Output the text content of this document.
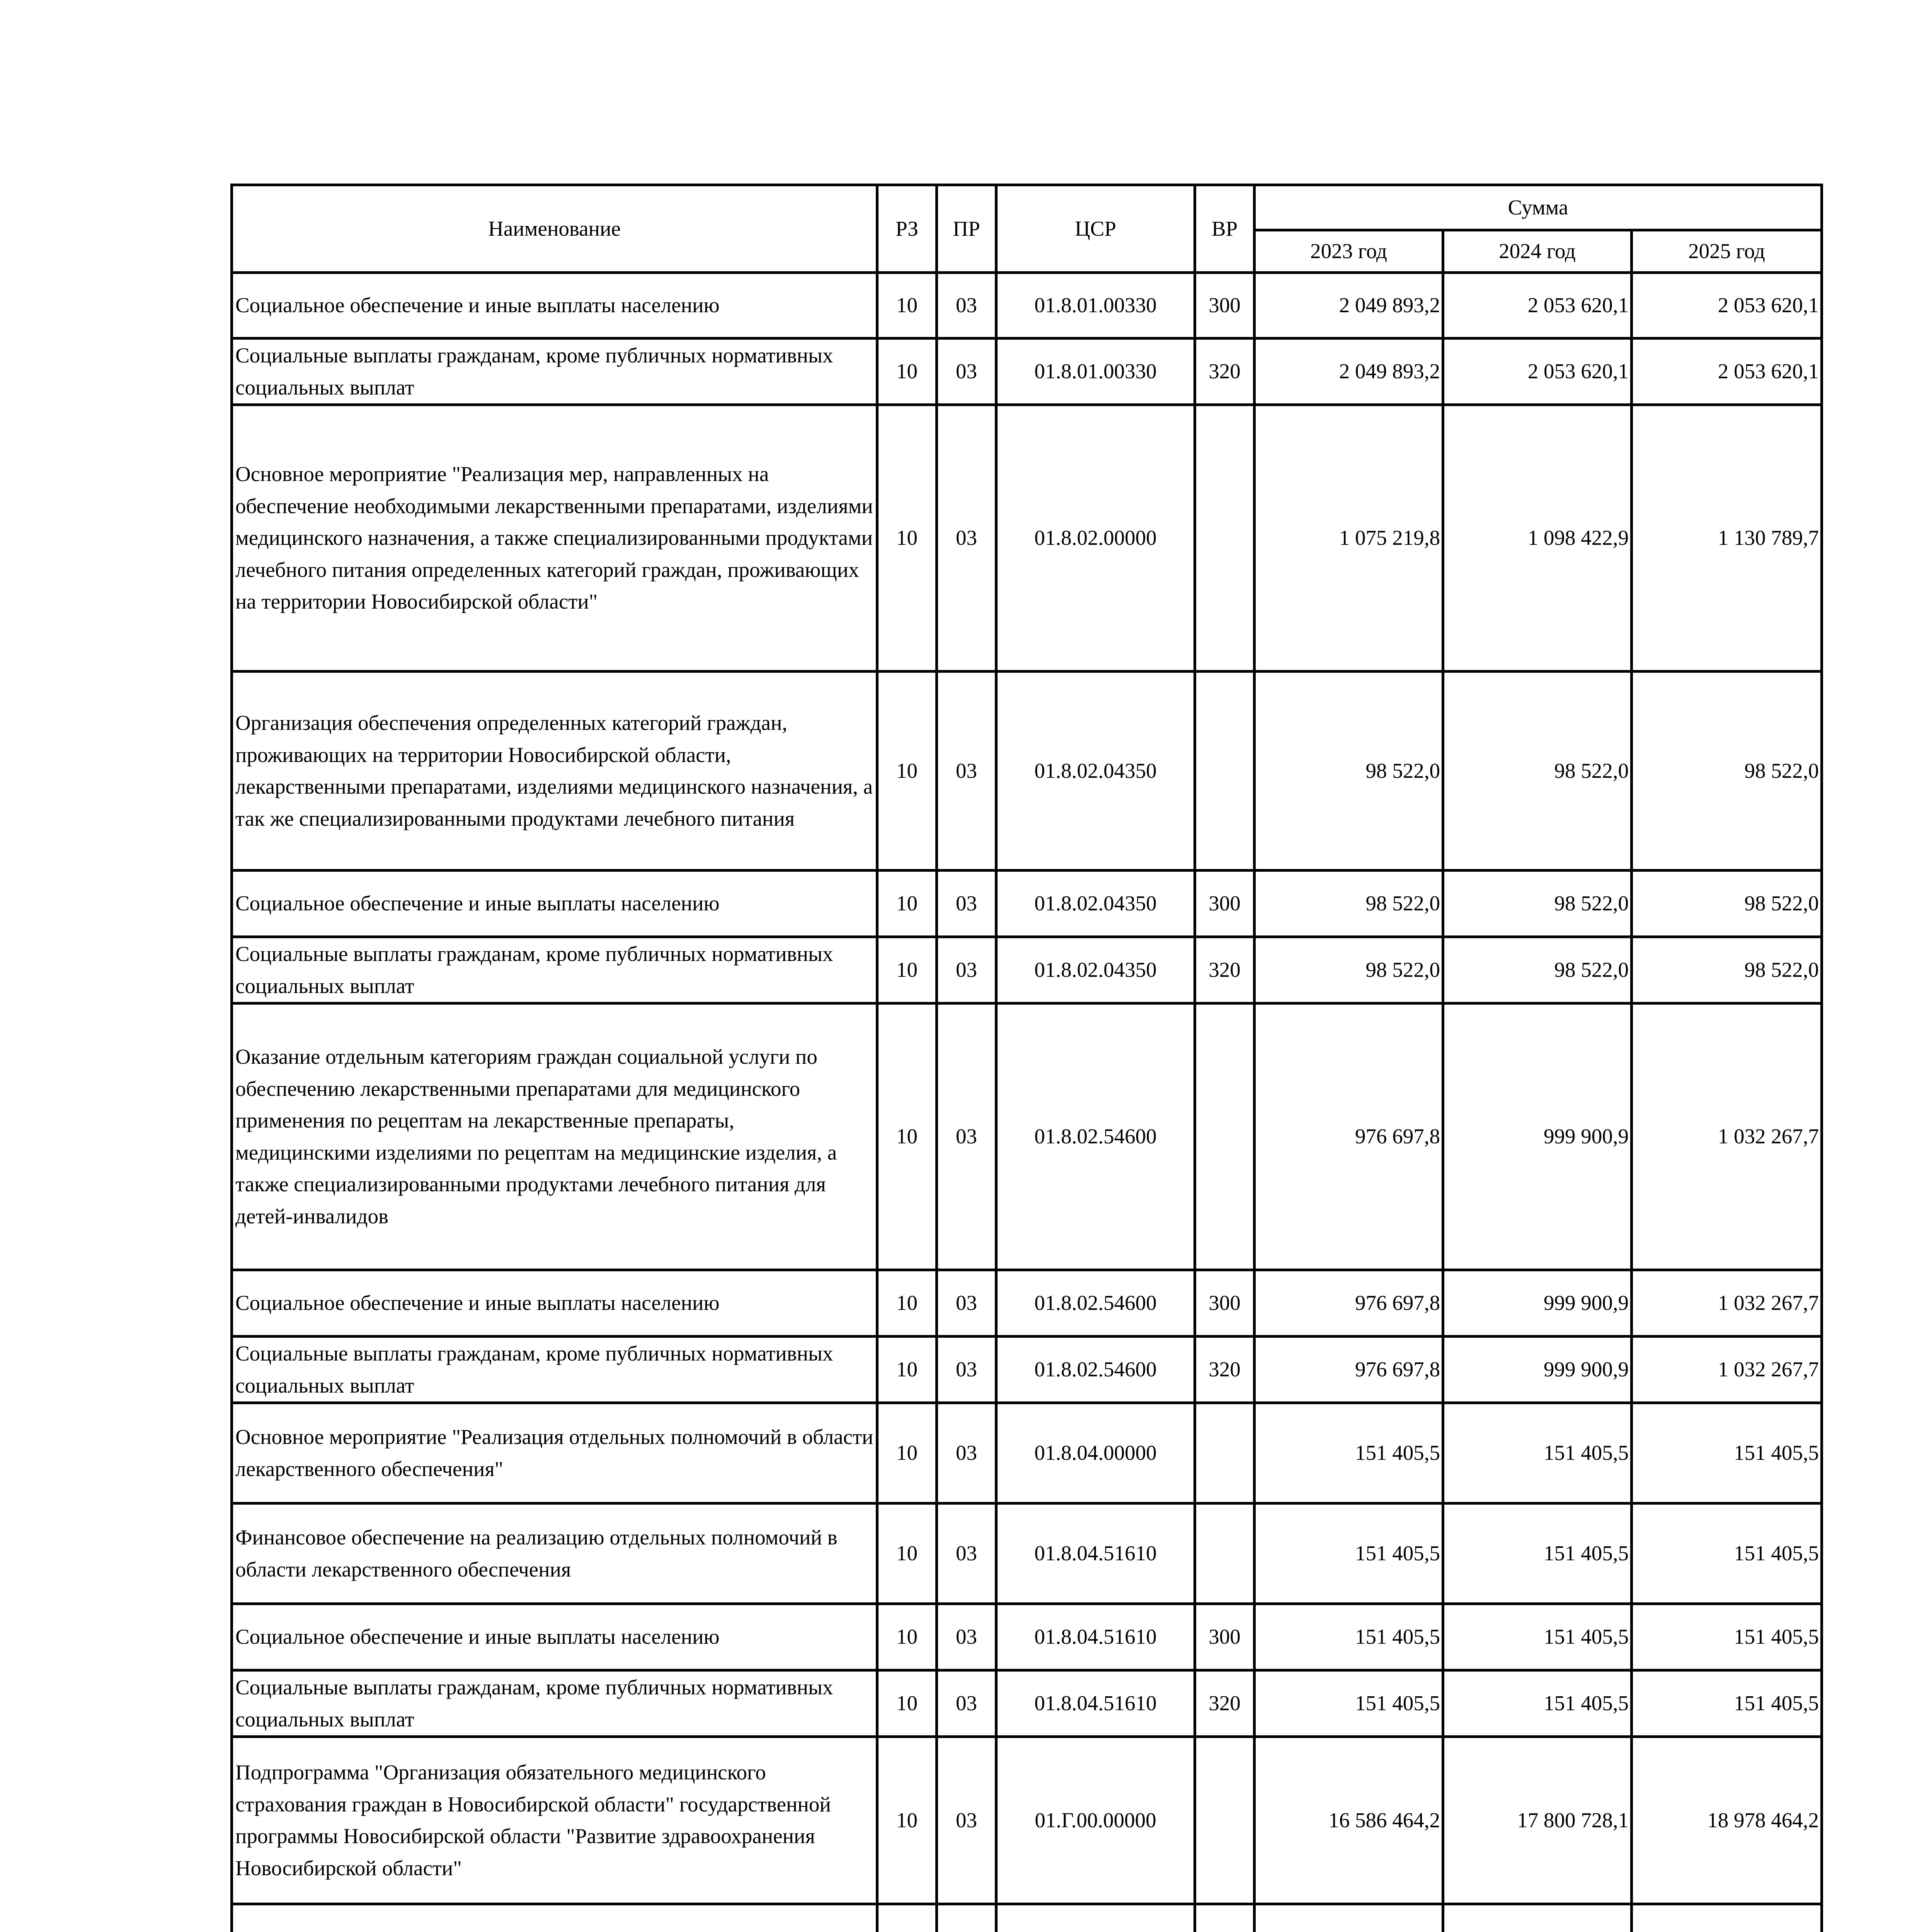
Наименование	РЗ	ПР	ЦСР	ВР	Сумма		
					2023 год	2024 год	2025 год
Социальное обеспечение и иные выплаты населению	10	03	01.8.01.00330	300	2 049 893,2	2 053 620,1	2 053 620,1
Социальные выплаты гражданам, кроме публичных нормативных социальных выплат	10	03	01.8.01.00330	320	2 049 893,2	2 053 620,1	2 053 620,1
Основное мероприятие "Реализация мер, направленных на обеспечение необходимыми лекарственными препаратами, изделиями медицинского назначения, а также специализированными продуктами лечебного питания определенных категорий граждан, проживающих на территории Новосибирской области"	10	03	01.8.02.00000		1 075 219,8	1 098 422,9	1 130 789,7
Организация обеспечения определенных категорий граждан, проживающих на территории Новосибирской области, лекарственными препаратами, изделиями медицинского назначения, а так же специализированными продуктами лечебного питания	10	03	01.8.02.04350		98 522,0	98 522,0	98 522,0
Социальное обеспечение и иные выплаты населению	10	03	01.8.02.04350	300	98 522,0	98 522,0	98 522,0
Социальные выплаты гражданам, кроме публичных нормативных социальных выплат	10	03	01.8.02.04350	320	98 522,0	98 522,0	98 522,0
Оказание отдельным категориям граждан социальной услуги по обеспечению лекарственными препаратами для медицинского применения по рецептам на лекарственные препараты, медицинскими изделиями по рецептам на медицинские изделия, а также специализированными продуктами лечебного питания для детей-инвалидов	10	03	01.8.02.54600		976 697,8	999 900,9	1 032 267,7
Социальное обеспечение и иные выплаты населению	10	03	01.8.02.54600	300	976 697,8	999 900,9	1 032 267,7
Социальные выплаты гражданам, кроме публичных нормативных социальных выплат	10	03	01.8.02.54600	320	976 697,8	999 900,9	1 032 267,7
Основное мероприятие "Реализация отдельных полномочий в области лекарственного обеспечения"	10	03	01.8.04.00000		151 405,5	151 405,5	151 405,5
Финансовое обеспечение на реализацию отдельных полномочий в области лекарственного обеспечения	10	03	01.8.04.51610		151 405,5	151 405,5	151 405,5
Социальное обеспечение и иные выплаты населению	10	03	01.8.04.51610	300	151 405,5	151 405,5	151 405,5
Социальные выплаты гражданам, кроме публичных нормативных социальных выплат	10	03	01.8.04.51610	320	151 405,5	151 405,5	151 405,5
Подпрограмма "Организация обязательного медицинского страхования граждан в Новосибирской области" государственной программы Новосибирской области "Развитие здравоохранения Новосибирской области"	10	03	01.Г.00.00000		16 586 464,2	17 800 728,1	18 978 464,2
